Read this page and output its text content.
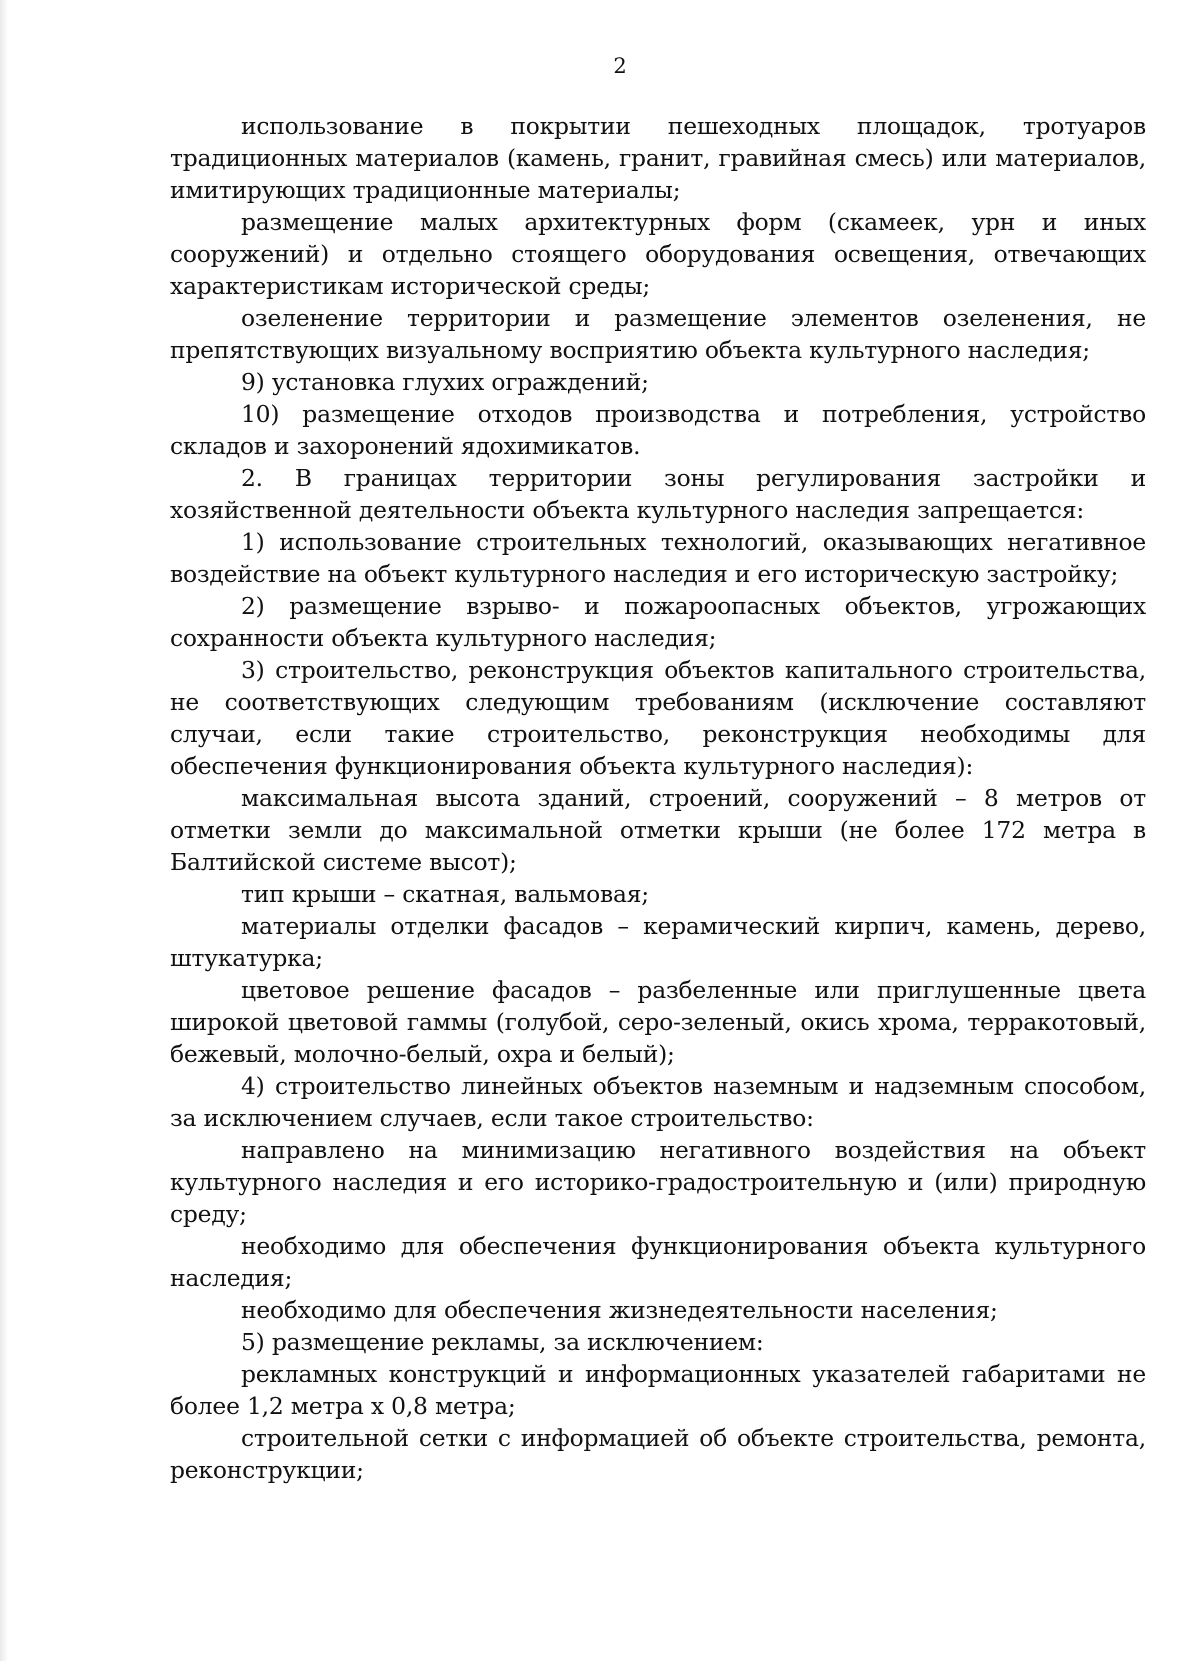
2

использование в покрытии пешеходных площадок, тротуаров традиционных материалов (камень, гранит, гравийная смесь) или материалов, имитирующих традиционные материалы;

размещение малых архитектурных форм (скамеек, урн и иных сооружений) и отдельно стоящего оборудования освещения, отвечающих характеристикам исторической среды;

озеленение территории и размещение элементов озеленения, не препятствующих визуальному восприятию объекта культурного наследия;

9) установка глухих ограждений;

10) размещение отходов производства и потребления, устройство складов и захоронений ядохимикатов.

2. В границах территории зоны регулирования застройки и хозяйственной деятельности объекта культурного наследия запрещается:

1) использование строительных технологий, оказывающих негативное воздействие на объект культурного наследия и его историческую застройку;

2) размещение взрыво- и пожароопасных объектов, угрожающих сохранности объекта культурного наследия;

3) строительство, реконструкция объектов капитального строительства, не соответствующих следующим требованиям (исключение составляют случаи, если такие строительство, реконструкция необходимы для обеспечения функционирования объекта культурного наследия):

максимальная высота зданий, строений, сооружений – 8 метров от отметки земли до максимальной отметки крыши (не более 172 метра в Балтийской системе высот);

тип крыши – скатная, вальмовая;

материалы отделки фасадов – керамический кирпич, камень, дерево, штукатурка;

цветовое решение фасадов – разбеленные или приглушенные цвета широкой цветовой гаммы (голубой, серо-зеленый, окись хрома, терракотовый, бежевый, молочно-белый, охра и белый);

4) строительство линейных объектов наземным и надземным способом, за исключением случаев, если такое строительство:

направлено на минимизацию негативного воздействия на объект культурного наследия и его историко-градостроительную и (или) природную среду;

необходимо для обеспечения функционирования объекта культурного наследия;

необходимо для обеспечения жизнедеятельности населения;

5) размещение рекламы, за исключением:

рекламных конструкций и информационных указателей габаритами не более 1,2 метра х 0,8 метра;

строительной сетки с информацией об объекте строительства, ремонта, реконструкции;
